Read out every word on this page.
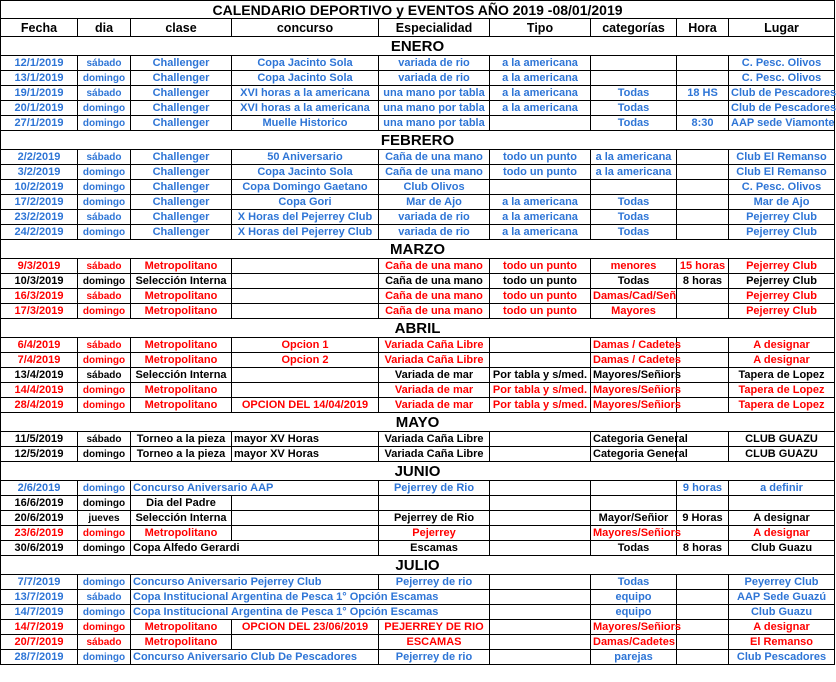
CALENDARIO DEPORTIVO y EVENTOS AÑO 2019 -08/01/2019								
Fecha	dia	clase	concurso	Especialidad	Tipo	categorías	Hora	Lugar
ENERO								
12/1/2019	sábado	Challenger	Copa Jacinto Sola	variada de rio	a la americana			C. Pesc. Olivos
13/1/2019	domingo	Challenger	Copa Jacinto Sola	variada de rio	a la americana			C. Pesc. Olivos
19/1/2019	sábado	Challenger	XVI horas a la americana	una mano por tabla	a la americana	Todas	18 HS	Club de Pescadores
20/1/2019	domingo	Challenger	XVI horas a la americana	una mano por tabla	a la americana	Todas		Club de Pescadores
27/1/2019	domingo	Challenger	Muelle Historico	una mano por tabla		Todas	8:30	AAP sede Viamonte
FEBRERO								
2/2/2019	sábado	Challenger	50 Aniversario	Caña de una mano	todo un punto	a la americana		Club El Remanso
3/2/2019	domingo	Challenger	Copa Jacinto Sola	Caña de una mano	todo un punto	a la americana		Club El Remanso
10/2/2019	domingo	Challenger	Copa Domingo Gaetano	Club Olivos				C. Pesc. Olivos
17/2/2019	domingo	Challenger	Copa Gori	Mar de Ajo	a la americana	Todas		Mar de Ajo
23/2/2019	sábado	Challenger	X Horas del Pejerrey Club	variada de rio	a la americana	Todas		Pejerrey Club
24/2/2019	domingo	Challenger	X Horas del Pejerrey Club	variada de rio	a la americana	Todas		Pejerrey Club
MARZO								
9/3/2019	sábado	Metropolitano		Caña de una mano	todo un punto	menores	15 horas	Pejerrey Club
10/3/2019	domingo	Selección Interna		Caña de una mano	todo un punto	Todas	8 horas	Pejerrey Club
16/3/2019	sábado	Metropolitano		Caña de una mano	todo un punto	Damas/Cad/Señ		Pejerrey Club
17/3/2019	domingo	Metropolitano		Caña de una mano	todo un punto	Mayores		Pejerrey Club
ABRIL								
6/4/2019	sábado	Metropolitano	Opcion 1	Variada Caña Libre		Damas / Cadetes		A designar
7/4/2019	domingo	Metropolitano	Opcion 2	Variada Caña Libre		Damas / Cadetes		A designar
13/4/2019	sábado	Selección Interna		Variada de mar	Por tabla y s/med.	Mayores/Señiors		Tapera de Lopez
14/4/2019	domingo	Metropolitano		Variada de mar	Por tabla y s/med.	Mayores/Señiors		Tapera de Lopez
28/4/2019	domingo	Metropolitano	OPCION DEL 14/04/2019	Variada de mar	Por tabla y s/med.	Mayores/Señiors		Tapera de Lopez
MAYO								
11/5/2019	sábado	Torneo a la pieza	mayor XV Horas	Variada Caña Libre		Categoria General		CLUB GUAZU
12/5/2019	domingo	Torneo a la pieza	mayor XV Horas	Variada Caña Libre		Categoria General		CLUB GUAZU
JUNIO								
2/6/2019	domingo	Concurso Aniversario AAP		Pejerrey de Rio			9 horas	a definir
16/6/2019	domingo	Dia del Padre						
20/6/2019	jueves	Selección Interna		Pejerrey de Rio		Mayor/Señior	9 Horas	A designar
23/6/2019	domingo	Metropolitano		Pejerrey		Mayores/Señiors		A designar
30/6/2019	domingo	Copa Alfedo Gerardi		Escamas		Todas	8 horas	Club Guazu
JULIO								
7/7/2019	domingo	Concurso Aniversario Pejerrey Club		Pejerrey de rio		Todas		Peyerrey Club
13/7/2019	sábado	Copa Institucional Argentina de Pesca 1° Opción Escamas				equipo		AAP Sede Guazú
14/7/2019	domingo	Copa Institucional Argentina de Pesca 1° Opción Escamas				equipo		Club Guazu
14/7/2019	domingo	Metropolitano	OPCION DEL 23/06/2019	PEJERREY DE RIO		Mayores/Señiors		A designar
20/7/2019	sábado	Metropolitano		ESCAMAS		Damas/Cadetes		El Remanso
28/7/2019	domingo	Concurso Aniversario Club De Pescadores		Pejerrey de rio		parejas		Club Pescadores
